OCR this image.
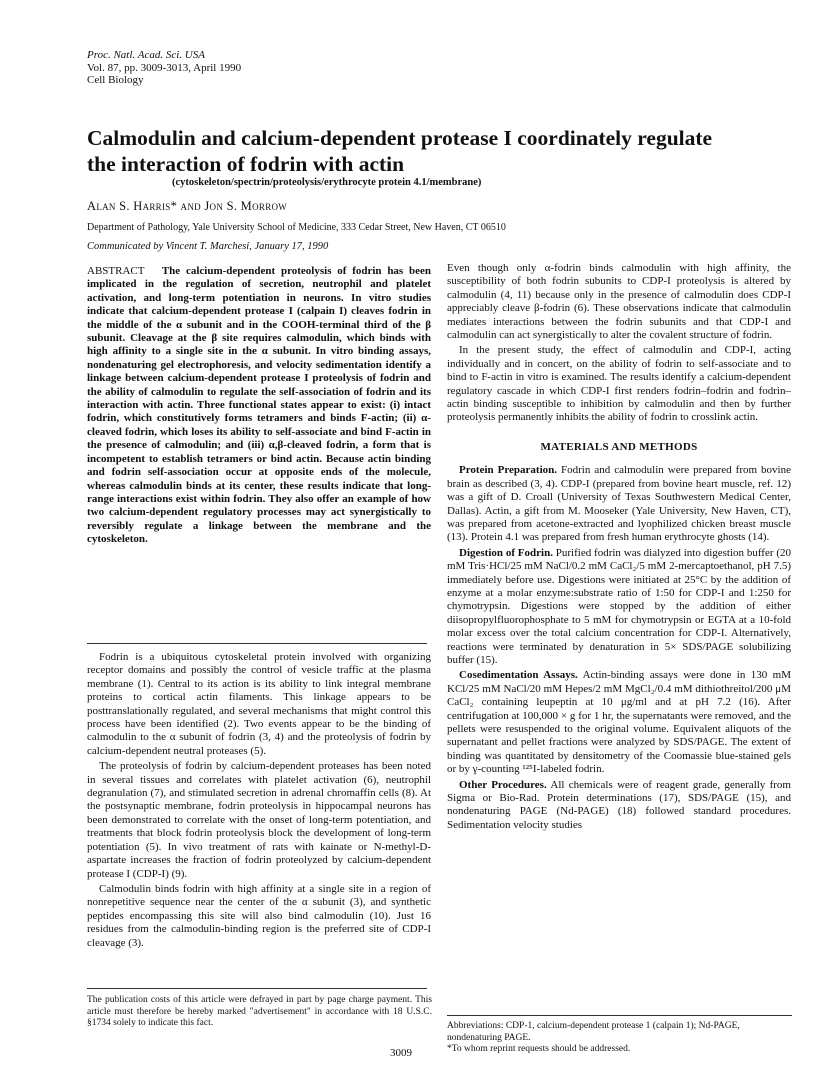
Proc. Natl. Acad. Sci. USA
Vol. 87, pp. 3009-3013, April 1990
Cell Biology
Calmodulin and calcium-dependent protease I coordinately regulate the interaction of fodrin with actin
(cytoskeleton/spectrin/proteolysis/erythrocyte protein 4.1/membrane)
Alan S. Harris* and Jon S. Morrow
Department of Pathology, Yale University School of Medicine, 333 Cedar Street, New Haven, CT 06510
Communicated by Vincent T. Marchesi, January 17, 1990

ABSTRACT The calcium-dependent proteolysis of fodrin has been implicated in the regulation of secretion, neutrophil and platelet activation, and long-term potentiation in neurons. In vitro studies indicate that calcium-dependent protease I (calpain I) cleaves fodrin in the middle of the α subunit and in the COOH-terminal third of the β subunit. Cleavage at the β site requires calmodulin, which binds with high affinity to a single site in the α subunit. In vitro binding assays, nondenaturing gel electrophoresis, and velocity sedimentation identify a linkage between calcium-dependent protease I proteolysis of fodrin and the ability of calmodulin to regulate the self-association of fodrin and its interaction with actin. Three functional states appear to exist: (i) intact fodrin, which constitutively forms tetramers and binds F-actin; (ii) α-cleaved fodrin, which loses its ability to self-associate and bind F-actin in the presence of calmodulin; and (iii) α,β-cleaved fodrin, a form that is incompetent to establish tetramers or bind actin. Because actin binding and fodrin self-association occur at opposite ends of the molecule, whereas calmodulin binds at its center, these results indicate that long-range interactions exist within fodrin. They also offer an example of how two calcium-dependent regulatory processes may act synergistically to reversibly regulate a linkage between the membrane and the cytoskeleton.

Fodrin is a ubiquitous cytoskeletal protein involved with organizing receptor domains and possibly the control of vesicle traffic at the plasma membrane (1). Central to its action is its ability to link integral membrane proteins to cortical actin filaments. This linkage appears to be posttranslationally regulated, and several mechanisms that might control this process have been identified (2). Two events appear to be the binding of calmodulin to the α subunit of fodrin (3, 4) and the proteolysis of fodrin by calcium-dependent neutral proteases (5).

The proteolysis of fodrin by calcium-dependent proteases has been noted in several tissues and correlates with platelet activation (6), neutrophil degranulation (7), and stimulated secretion in adrenal chromaffin cells (8). At the postsynaptic membrane, fodrin proteolysis in hippocampal neurons has been demonstrated to correlate with the onset of long-term potentiation, and treatments that block fodrin proteolysis block the development of long-term potentiation (5). In vivo treatment of rats with kainate or N-methyl-D-aspartate increases the fraction of fodrin proteolyzed by calcium-dependent protease I (CDP-I) (9).

Calmodulin binds fodrin with high affinity at a single site in a region of nonrepetitive sequence near the center of the α subunit (3), and synthetic peptides encompassing this site will also bind calmodulin (10). Just 16 residues from the calmodulin-binding region is the preferred site of CDP-I cleavage (3).

Even though only α-fodrin binds calmodulin with high affinity, the susceptibility of both fodrin subunits to CDP-I proteolysis is altered by calmodulin (4, 11) because only in the presence of calmodulin does CDP-I appreciably cleave β-fodrin (6). These observations indicate that calmodulin mediates interactions between the fodrin subunits and that CDP-I and calmodulin can act synergistically to alter the covalent structure of fodrin.

In the present study, the effect of calmodulin and CDP-I, acting individually and in concert, on the ability of fodrin to self-associate and to bind to F-actin in vitro is examined. The results identify a calcium-dependent regulatory cascade in which CDP-I first renders fodrin–fodrin and fodrin–actin binding susceptible to inhibition by calmodulin and then by further proteolysis permanently inhibits the ability of fodrin to crosslink actin.

MATERIALS AND METHODS

Protein Preparation. Fodrin and calmodulin were prepared from bovine brain as described (3, 4). CDP-I (prepared from bovine heart muscle, ref. 12) was a gift of D. Croall (University of Texas Southwestern Medical Center, Dallas). Actin, a gift from M. Mooseker (Yale University, New Haven, CT), was prepared from acetone-extracted and lyophilized chicken breast muscle (13). Protein 4.1 was prepared from fresh human erythrocyte ghosts (14).

Digestion of Fodrin. Purified fodrin was dialyzed into digestion buffer (20 mM Tris·HCl/25 mM NaCl/0.2 mM CaCl₂/5 mM 2-mercaptoethanol, pH 7.5) immediately before use. Digestions were initiated at 25°C by the addition of enzyme at a molar enzyme:substrate ratio of 1:50 for CDP-I and 1:250 for chymotrypsin. Digestions were stopped by the addition of either diisopropylfluorophosphate to 5 mM for chymotrypsin or EGTA at a 10-fold molar excess over the total calcium concentration for CDP-I. Alternatively, reactions were terminated by denaturation in 5× SDS/PAGE solubilizing buffer (15).

Cosedimentation Assays. Actin-binding assays were done in 130 mM KCl/25 mM NaCl/20 mM Hepes/2 mM MgCl₂/0.4 mM dithiothreitol/200 μM CaCl₂ containing leupeptin at 10 μg/ml and at pH 7.2 (16). After centrifugation at 100,000 × g for 1 hr, the supernatants were removed, and the pellets were resuspended to the original volume. Equivalent aliquots of the supernatant and pellet fractions were analyzed by SDS/PAGE. The extent of binding was quantitated by densitometry of the Coomassie blue-stained gels or by γ-counting ¹²⁵I-labeled fodrin.

Other Procedures. All chemicals were of reagent grade, generally from Sigma or Bio-Rad. Protein determinations (17), SDS/PAGE (15), and nondenaturing PAGE (Nd-PAGE) (18) followed standard procedures. Sedimentation velocity studies

The publication costs of this article were defrayed in part by page charge payment. This article must therefore be hereby marked "advertisement" in accordance with 18 U.S.C. §1734 solely to indicate this fact.	Abbreviations: CDP-1, calcium-dependent protease 1 (calpain 1); Nd-PAGE, nondenaturing PAGE.
*To whom reprint requests should be addressed.
3009
